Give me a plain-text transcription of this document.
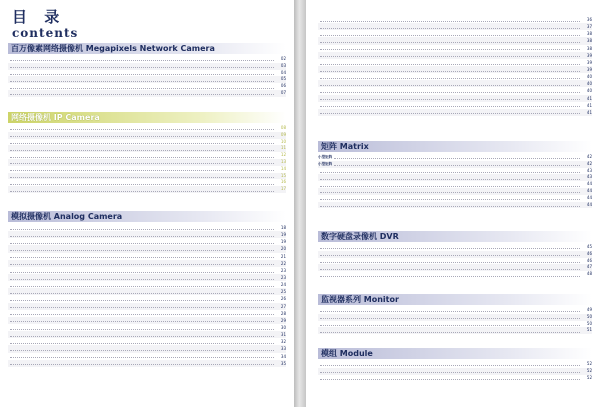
目 录
contents
百万像素网络摄像机 Megapixels Network Camera
02
03
04
05
06
07
网络摄像机 IP Camera
08
09
10
11
12
13
14
15
16
17
模拟摄像机 Analog Camera
18
19
19
20
21
22
23
23
24
25
26
27
28
29
30
31
32
33
34
35
36
37
38
38
38
39
39
39
40
40
40
41
41
41
矩阵 Matrix
小型矩阵	42
小型矩阵	42
43
43
44
44
44
44
数字硬盘录像机 DVR
45
46
46
47
48
监视器系列 Monitor
49
50
50
51
模组 Module
52
52
52
